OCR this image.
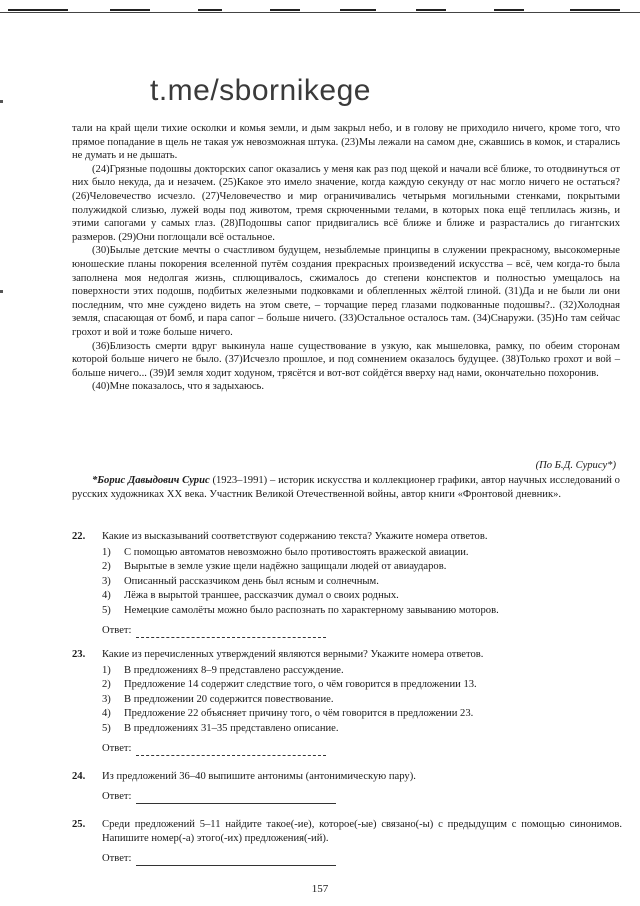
t.me/sbornikege

тали на край щели тихие осколки и комья земли, и дым закрыл небо, и в голову не приходило ничего, кроме того, что прямое попадание в щель не такая уж невозможная штука. (23)Мы лежали на самом дне, сжавшись в комок, и старались не думать и не дышать.

(24)Грязные подошвы докторских сапог оказались у меня как раз под щекой и начали всё ближе, то отодвинуться от них было некуда, да и незачем. (25)Какое это имело значение, когда каждую секунду от нас могло ничего не остаться? (26)Человечество исчезло. (27)Человечество и мир ограничивались четырьмя могильными стенками, покрытыми полужидкой слизью, лужей воды под животом, тремя скрюченными телами, в которых пока ещё теплилась жизнь, и этими сапогами у самых глаз. (28)Подошвы сапог придвигались всё ближе и ближе и разрастались до гигантских размеров. (29)Они поглощали всё остальное.

(30)Былые детские мечты о счастливом будущем, незыблемые принципы в служении прекрасному, высокомерные юношеские планы покорения вселенной путём создания прекрасных произведений искусства – всё, чем когда-то была заполнена моя недолгая жизнь, сплющивалось, сжималось до степени конспектов и полностью умещалось на поверхности этих подошв, подбитых железными подковками и облепленных жёлтой глиной. (31)Да и не были ли они последним, что мне суждено видеть на этом свете, – торчащие перед глазами подкованные подошвы?.. (32)Холодная земля, спасающая от бомб, и пара сапог – больше ничего. (33)Остальное осталось там. (34)Снаружи. (35)Но там сейчас грохот и вой и тоже больше ничего.

(36)Близость смерти вдруг выкинула наше существование в узкую, как мышеловка, рамку, по обеим сторонам которой больше ничего не было. (37)Исчезло прошлое, и под сомнением оказалось будущее. (38)Только грохот и вой – больше ничего... (39)И земля ходит ходуном, трясётся и вот-вот сойдётся вверху над нами, окончательно похоронив.

(40)Мне показалось, что я задыхаюсь.

(По Б.Д. Сурису*)
*Борис Давыдович Сурис (1923–1991) – историк искусства и коллекционер графики, автор научных исследований о русских художниках XX века. Участник Великой Отечественной войны, автор книги «Фронтовой дневник».
22. Какие из высказываний соответствуют содержанию текста? Укажите номера ответов.
1) С помощью автоматов невозможно было противостоять вражеской авиации.
2) Вырытые в земле узкие щели надёжно защищали людей от авиаударов.
3) Описанный рассказчиком день был ясным и солнечным.
4) Лёжа в вырытой траншее, рассказчик думал о своих родных.
5) Немецкие самолёты можно было распознать по характерному завыванию моторов.
Ответ:
23. Какие из перечисленных утверждений являются верными? Укажите номера ответов.
1) В предложениях 8–9 представлено рассуждение.
2) Предложение 14 содержит следствие того, о чём говорится в предложении 13.
3) В предложении 20 содержится повествование.
4) Предложение 22 объясняет причину того, о чём говорится в предложении 23.
5) В предложениях 31–35 представлено описание.
Ответ:
24. Из предложений 36–40 выпишите антонимы (антонимическую пару).
Ответ:
25. Среди предложений 5–11 найдите такое(-ие), которое(-ые) связано(-ы) с предыдущим с помощью синонимов. Напишите номер(-а) этого(-их) предложения(-ий).
Ответ:
157
